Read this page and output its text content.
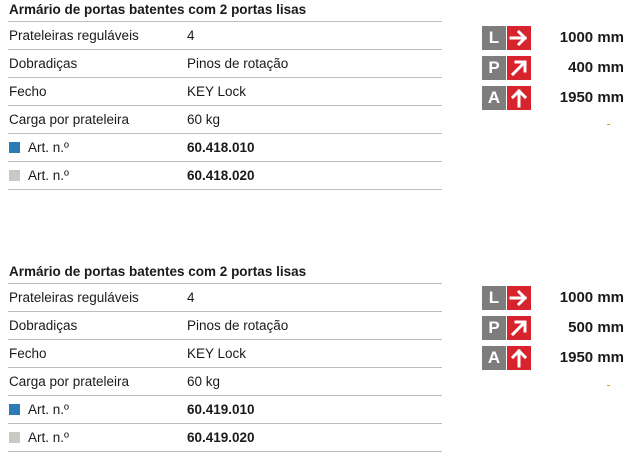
Armário de portas batentes com 2 portas lisas
Prateleiras reguláveis	4
Dobradiças	Pinos de rotação
Fecho	KEY Lock
Carga por prateleira	60 kg
Art. n.º	60.418.010
Art. n.º	60.418.020
L	1000 mm
P	400 mm
A	1950 mm
Armário de portas batentes com 2 portas lisas
Prateleiras reguláveis	4
Dobradiças	Pinos de rotação
Fecho	KEY Lock
Carga por prateleira	60 kg
Art. n.º	60.419.010
Art. n.º	60.419.020
L	1000 mm
P	500 mm
A	1950 mm
